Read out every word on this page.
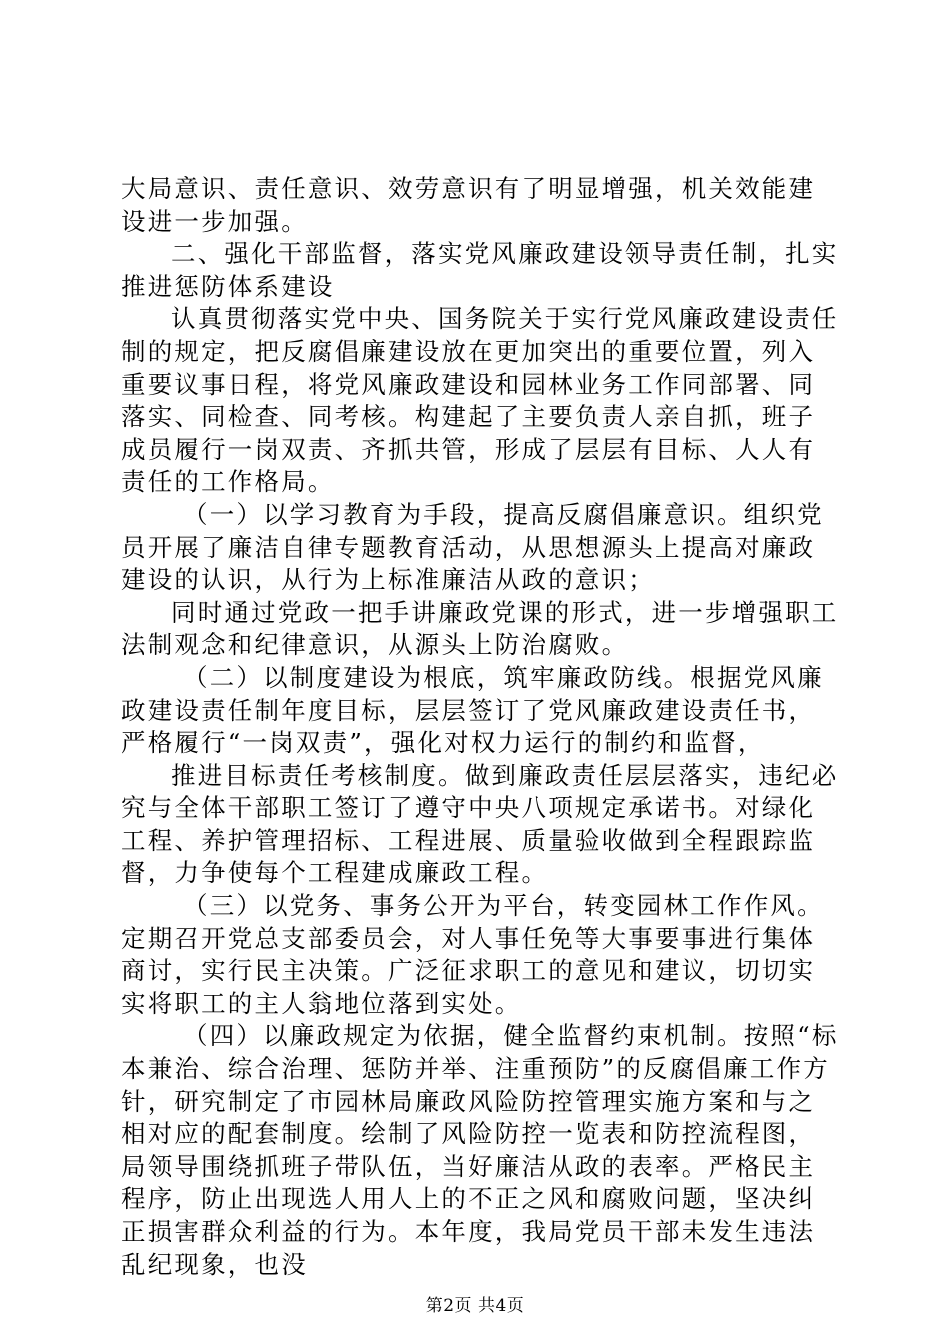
大局意识、责任意识、效劳意识有了明显增强，机关效能建设进一步加强。

二、强化干部监督，落实党风廉政建设领导责任制，扎实推进惩防体系建设

认真贯彻落实党中央、国务院关于实行党风廉政建设责任制的规定，把反腐倡廉建设放在更加突出的重要位置，列入重要议事日程，将党风廉政建设和园林业务工作同部署、同落实、同检查、同考核。构建起了主要负责人亲自抓，班子成员履行一岗双责、齐抓共管，形成了层层有目标、人人有责任的工作格局。

（一）以学习教育为手段，提高反腐倡廉意识。组织党员开展了廉洁自律专题教育活动，从思想源头上提高对廉政建设的认识，从行为上标准廉洁从政的意识；

同时通过党政一把手讲廉政党课的形式，进一步增强职工法制观念和纪律意识，从源头上防治腐败。

（二）以制度建设为根底，筑牢廉政防线。根据党风廉政建设责任制年度目标，层层签订了党风廉政建设责任书，严格履行“一岗双责”，强化对权力运行的制约和监督，

推进目标责任考核制度。做到廉政责任层层落实，违纪必究与全体干部职工签订了遵守中央八项规定承诺书。对绿化工程、养护管理招标、工程进展、质量验收做到全程跟踪监督，力争使每个工程建成廉政工程。

（三）以党务、事务公开为平台，转变园林工作作风。定期召开党总支部委员会，对人事任免等大事要事进行集体商讨，实行民主决策。广泛征求职工的意见和建议，切切实实将职工的主人翁地位落到实处。

（四）以廉政规定为依据，健全监督约束机制。按照“标本兼治、综合治理、惩防并举、注重预防”的反腐倡廉工作方针，研究制定了市园林局廉政风险防控管理实施方案和与之相对应的配套制度。绘制了风险防控一览表和防控流程图，局领导围绕抓班子带队伍，当好廉洁从政的表率。严格民主程序，防止出现选人用人上的不正之风和腐败问题，坚决纠正损害群众利益的行为。本年度，我局党员干部未发生违法乱纪现象，也没

第2页 共4页
